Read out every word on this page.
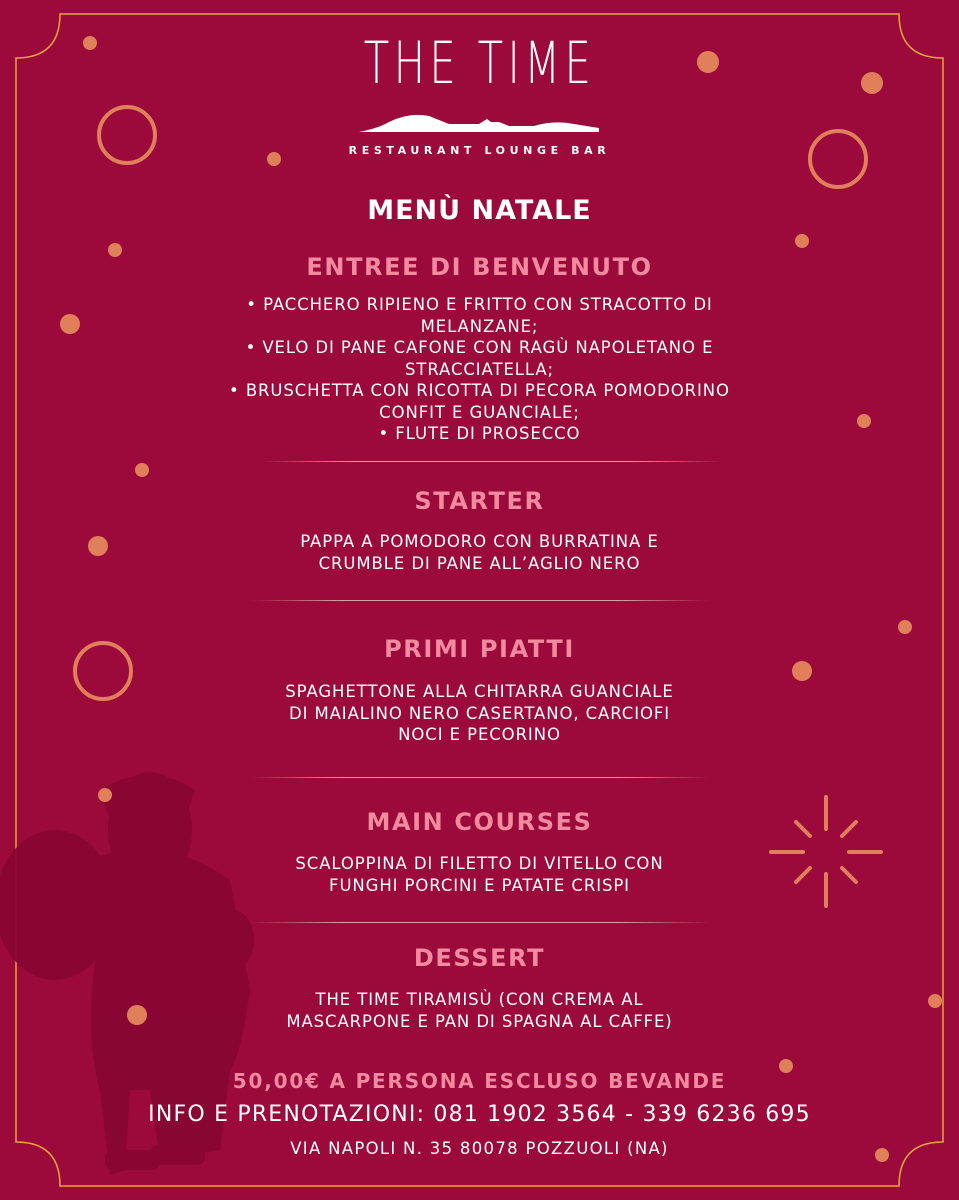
THE TIME
RESTAURANT LOUNGE BAR
MENÙ NATALE
ENTREE DI BENVENUTO
• PACCHERO RIPIENO E FRITTO CON STRACOTTO DI
MELANZANE;
• VELO DI PANE CAFONE CON RAGÙ NAPOLETANO E
STRACCIATELLA;
• BRUSCHETTA CON RICOTTA DI PECORA POMODORINO
CONFIT E GUANCIALE;
• FLUTE DI PROSECCO
STARTER
PAPPA A POMODORO CON BURRATINA E
CRUMBLE DI PANE ALL’AGLIO NERO
PRIMI PIATTI
SPAGHETTONE ALLA CHITARRA GUANCIALE
DI MAIALINO NERO CASERTANO, CARCIOFI
NOCI E PECORINO
MAIN COURSES
SCALOPPINA DI FILETTO DI VITELLO CON
FUNGHI PORCINI E PATATE CRISPI
DESSERT
THE TIME TIRAMISÙ (CON CREMA AL
MASCARPONE E PAN DI SPAGNA AL CAFFE)
50,00€ A PERSONA ESCLUSO BEVANDE
INFO E PRENOTAZIONI: 081 1902 3564 - 339 6236 695
VIA NAPOLI N. 35 80078 POZZUOLI (NA)
